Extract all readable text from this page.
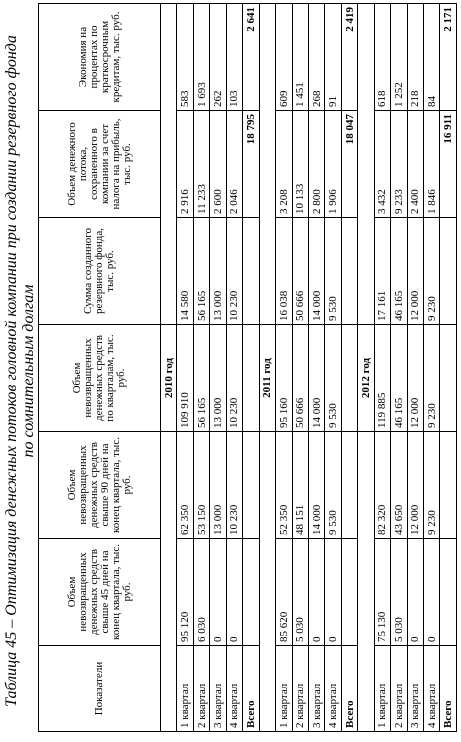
Таблица 45 – Оптимизация денежных потоков головной компании при создании резервного фонда по сомнительным долгам
Показатели	Объем невозвращенных денежных средств свыше 45 дней на конец квартала, тыс. руб.	Объем невозвращенных денежных средств свыше 90 дней на конец квартала, тыс. руб.	Объем невозвращенных денежных средств по кварталам, тыс. руб.	Сумма созданного резервного фонда, тыс. руб.	Объем денежного потока, сохраненного в компании за счет налога на прибыль, тыс. руб.	Экономия на процентах по краткосрочным кредитам, тыс. руб.
			2010 год			
1 квартал	95 120	62 350	109 910	14 580	2 916	583
2 квартал	6 030	53 150	56 165	56 165	11 233	1 693
3 квартал	0	13 000	13 000	13 000	2 600	262
4 квартал	0	10 230	10 230	10 230	2 046	103
Всего					18 795	2 641
			2011 год			
1 квартал	85 620	52 350	95 160	16 038	3 208	609
2 квартал	5 030	48 151	50 666	50 666	10 133	1 451
3 квартал	0	14 000	14 000	14 000	2 800	268
4 квартал	0	9 530	9 530	9 530	1 906	91
Всего					18 047	2 419
			2012 год			
1 квартал	75 130	82 320	119 885	17 161	3 432	618
2 квартал	5 030	43 650	46 165	46 165	9 233	1 252
3 квартал	0	12 000	12 000	12 000	2 400	218
4 квартал	0	9 230	9 230	9 230	1 846	84
Всего					16 911	2 171
